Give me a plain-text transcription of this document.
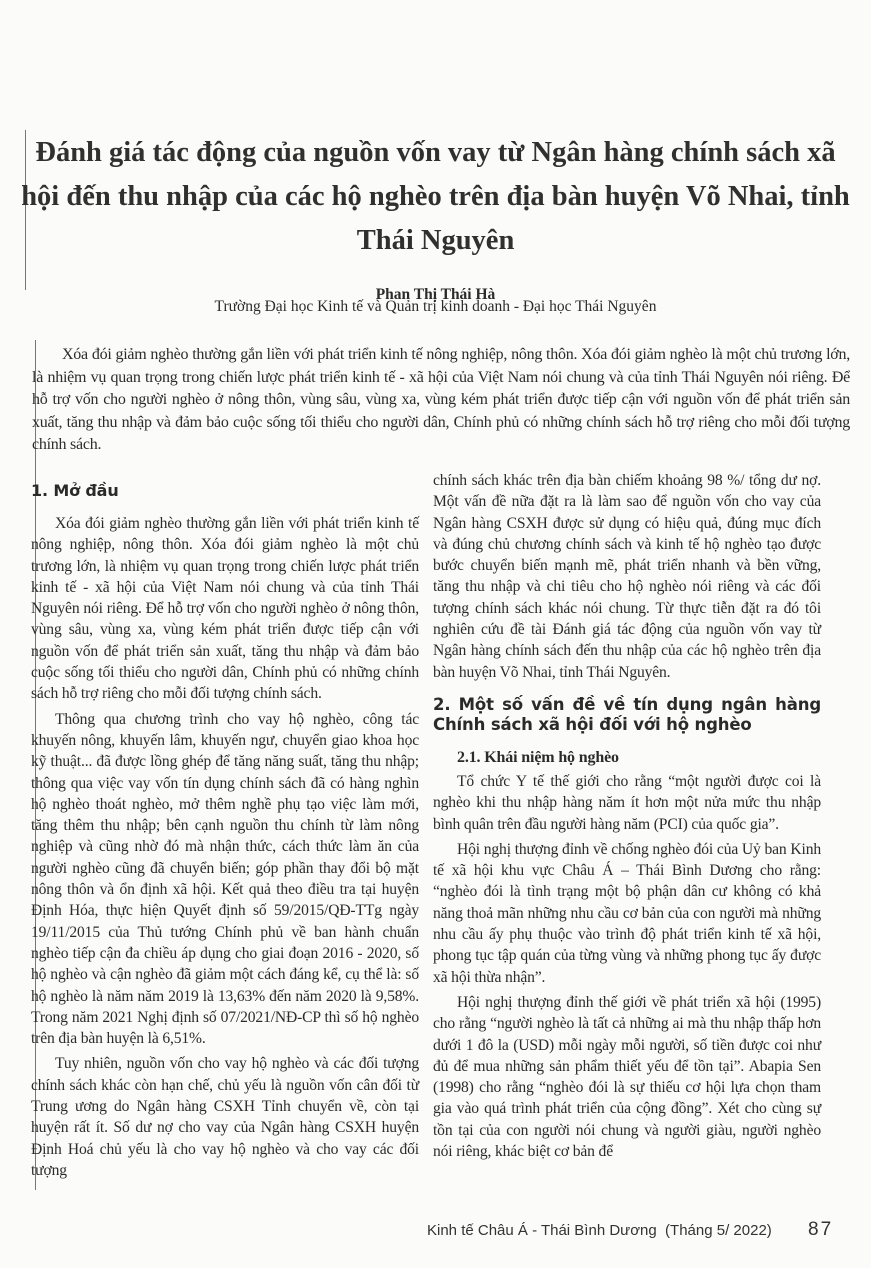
Đánh giá tác động của nguồn vốn vay từ Ngân hàng chính sách xã hội đến thu nhập của các hộ nghèo trên địa bàn huyện Võ Nhai, tỉnh Thái Nguyên
Phan Thị Thái Hà
Trường Đại học Kinh tế và Quản trị kinh doanh - Đại học Thái Nguyên

Xóa đói giảm nghèo thường gắn liền với phát triển kinh tế nông nghiệp, nông thôn. Xóa đói giảm nghèo là một chủ trương lớn, là nhiệm vụ quan trọng trong chiến lược phát triển kinh tế - xã hội của Việt Nam nói chung và của tỉnh Thái Nguyên nói riêng. Để hỗ trợ vốn cho người nghèo ở nông thôn, vùng sâu, vùng xa, vùng kém phát triển được tiếp cận với nguồn vốn để phát triển sản xuất, tăng thu nhập và đảm bảo cuộc sống tối thiểu cho người dân, Chính phủ có những chính sách hỗ trợ riêng cho mỗi đối tượng chính sách.

1. Mở đầu

Xóa đói giảm nghèo thường gắn liền với phát triển kinh tế nông nghiệp, nông thôn. Xóa đói giảm nghèo là một chủ trương lớn, là nhiệm vụ quan trọng trong chiến lược phát triển kinh tế - xã hội của Việt Nam nói chung và của tỉnh Thái Nguyên nói riêng. Để hỗ trợ vốn cho người nghèo ở nông thôn, vùng sâu, vùng xa, vùng kém phát triển được tiếp cận với nguồn vốn để phát triển sản xuất, tăng thu nhập và đảm bảo cuộc sống tối thiểu cho người dân, Chính phủ có những chính sách hỗ trợ riêng cho mỗi đối tượng chính sách.

Thông qua chương trình cho vay hộ nghèo, công tác khuyến nông, khuyến lâm, khuyến ngư, chuyển giao khoa học kỹ thuật... đã được lồng ghép để tăng năng suất, tăng thu nhập; thông qua việc vay vốn tín dụng chính sách đã có hàng nghìn hộ nghèo thoát nghèo, mở thêm nghề phụ tạo việc làm mới, tăng thêm thu nhập; bên cạnh nguồn thu chính từ làm nông nghiệp và cũng nhờ đó mà nhận thức, cách thức làm ăn của người nghèo cũng đã chuyển biến; góp phần thay đổi bộ mặt nông thôn và ổn định xã hội. Kết quả theo điều tra tại huyện Định Hóa, thực hiện Quyết định số 59/2015/QĐ-TTg ngày 19/11/2015 của Thủ tướng Chính phủ về ban hành chuẩn nghèo tiếp cận đa chiều áp dụng cho giai đoạn 2016 - 2020, số hộ nghèo và cận nghèo đã giảm một cách đáng kể, cụ thể là: số hộ nghèo là năm năm 2019 là 13,63% đến năm 2020 là 9,58%. Trong năm 2021 Nghị định số 07/2021/NĐ-CP thì số hộ nghèo trên địa bàn huyện là 6,51%.

Tuy nhiên, nguồn vốn cho vay hộ nghèo và các đối tượng chính sách khác còn hạn chế, chủ yếu là nguồn vốn cân đối từ Trung ương do Ngân hàng CSXH Tỉnh chuyển về, còn tại huyện rất ít. Số dư nợ cho vay của Ngân hàng CSXH huyện Định Hoá chủ yếu là cho vay hộ nghèo và cho vay các đối tượng

chính sách khác trên địa bàn chiếm khoảng 98 %/ tổng dư nợ. Một vấn đề nữa đặt ra là làm sao để nguồn vốn cho vay của Ngân hàng CSXH được sử dụng có hiệu quả, đúng mục đích và đúng chủ chương chính sách và kinh tế hộ nghèo tạo được bước chuyển biến mạnh mẽ, phát triển nhanh và bền vững, tăng thu nhập và chi tiêu cho hộ nghèo nói riêng và các đối tượng chính sách khác nói chung. Từ thực tiễn đặt ra đó tôi nghiên cứu đề tài Đánh giá tác động của nguồn vốn vay từ Ngân hàng chính sách đến thu nhập của các hộ nghèo trên địa bàn huyện Võ Nhai, tỉnh Thái Nguyên.

2. Một số vấn đề về tín dụng ngân hàng Chính sách xã hội đối với hộ nghèo
2.1. Khái niệm hộ nghèo

Tổ chức Y tế thế giới cho rằng “một người được coi là nghèo khi thu nhập hàng năm ít hơn một nửa mức thu nhập bình quân trên đầu người hàng năm (PCI) của quốc gia”.

Hội nghị thượng đỉnh về chống nghèo đói của Uỷ ban Kinh tế xã hội khu vực Châu Á – Thái Bình Dương cho rằng: “nghèo đói là tình trạng một bộ phận dân cư không có khả năng thoả mãn những nhu cầu cơ bản của con người mà những nhu cầu ấy phụ thuộc vào trình độ phát triển kinh tế xã hội, phong tục tập quán của từng vùng và những phong tục ấy được xã hội thừa nhận”.

Hội nghị thượng đỉnh thế giới về phát triển xã hội (1995) cho rằng “người nghèo là tất cả những ai mà thu nhập thấp hơn dưới 1 đô la (USD) mỗi ngày mỗi người, số tiền được coi như đủ để mua những sản phẩm thiết yếu để tồn tại”. Abapia Sen (1998) cho rằng “nghèo đói là sự thiếu cơ hội lựa chọn tham gia vào quá trình phát triển của cộng đồng”. Xét cho cùng sự tồn tại của con người nói chung và người giàu, người nghèo nói riêng, khác biệt cơ bản để

Kinh tế Châu Á - Thái Bình Dương  (Tháng 5/ 2022) 87
